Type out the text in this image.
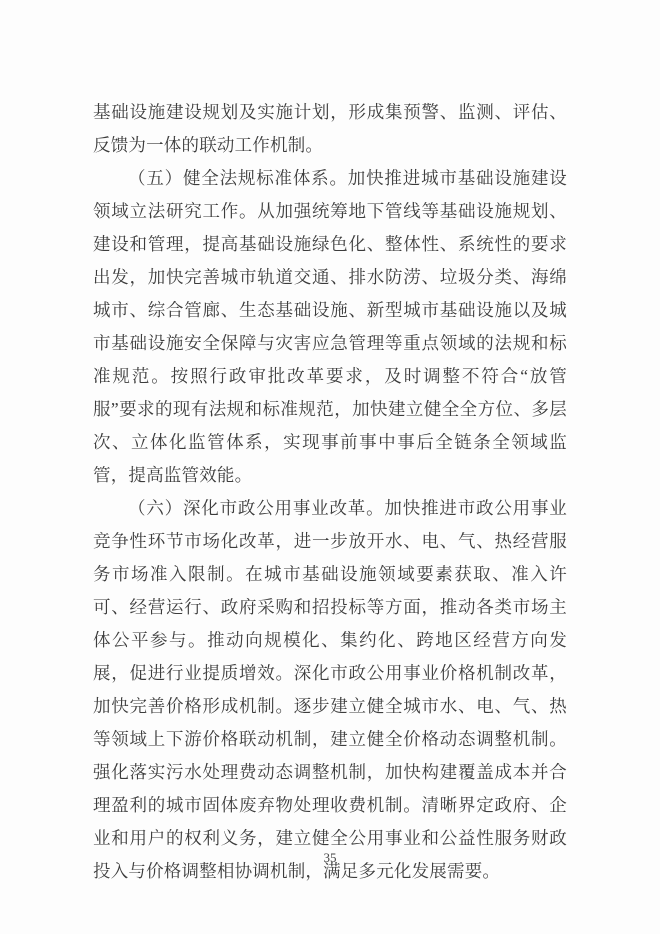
基础设施建设规划及实施计划，形成集预警、监测、评估、反馈为一体的联动工作机制。

（五）健全法规标准体系。加快推进城市基础设施建设领域立法研究工作。从加强统筹地下管线等基础设施规划、建设和管理，提高基础设施绿色化、整体性、系统性的要求出发，加快完善城市轨道交通、排水防涝、垃圾分类、海绵城市、综合管廊、生态基础设施、新型城市基础设施以及城市基础设施安全保障与灾害应急管理等重点领域的法规和标准规范。按照行政审批改革要求，及时调整不符合“放管服”要求的现有法规和标准规范，加快建立健全全方位、多层次、立体化监管体系，实现事前事中事后全链条全领域监管，提高监管效能。

（六）深化市政公用事业改革。加快推进市政公用事业竞争性环节市场化改革，进一步放开水、电、气、热经营服务市场准入限制。在城市基础设施领域要素获取、准入许可、经营运行、政府采购和招投标等方面，推动各类市场主体公平参与。推动向规模化、集约化、跨地区经营方向发展，促进行业提质增效。深化市政公用事业价格机制改革，加快完善价格形成机制。逐步建立健全城市水、电、气、热等领域上下游价格联动机制，建立健全价格动态调整机制。强化落实污水处理费动态调整机制，加快构建覆盖成本并合理盈利的城市固体废弃物处理收费机制。清晰界定政府、企业和用户的权利义务，建立健全公用事业和公益性服务财政投入与价格调整相协调机制，满足多元化发展需要。

35
